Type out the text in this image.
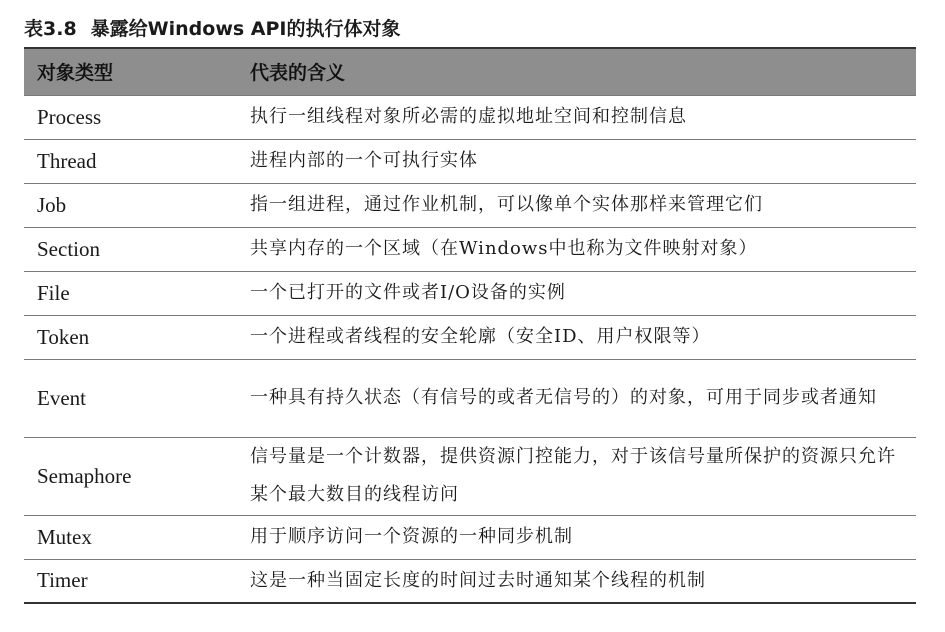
表3.8 暴露给Windows API的执行体对象
对象类型	代表的含义
Process	执行一组线程对象所必需的虚拟地址空间和控制信息
Thread	进程内部的一个可执行实体
Job	指一组进程，通过作业机制，可以像单个实体那样来管理它们
Section	共享内存的一个区域（在Windows中也称为文件映射对象）
File	一个已打开的文件或者I/O设备的实例
Token	一个进程或者线程的安全轮廓（安全ID、用户权限等）
Event	一种具有持久状态（有信号的或者无信号的）的对象，可用于同步或者通知
Semaphore	信号量是一个计数器，提供资源门控能力，对于该信号量所保护的资源只允许某个最大数目的线程访问
Mutex	用于顺序访问一个资源的一种同步机制
Timer	这是一种当固定长度的时间过去时通知某个线程的机制
